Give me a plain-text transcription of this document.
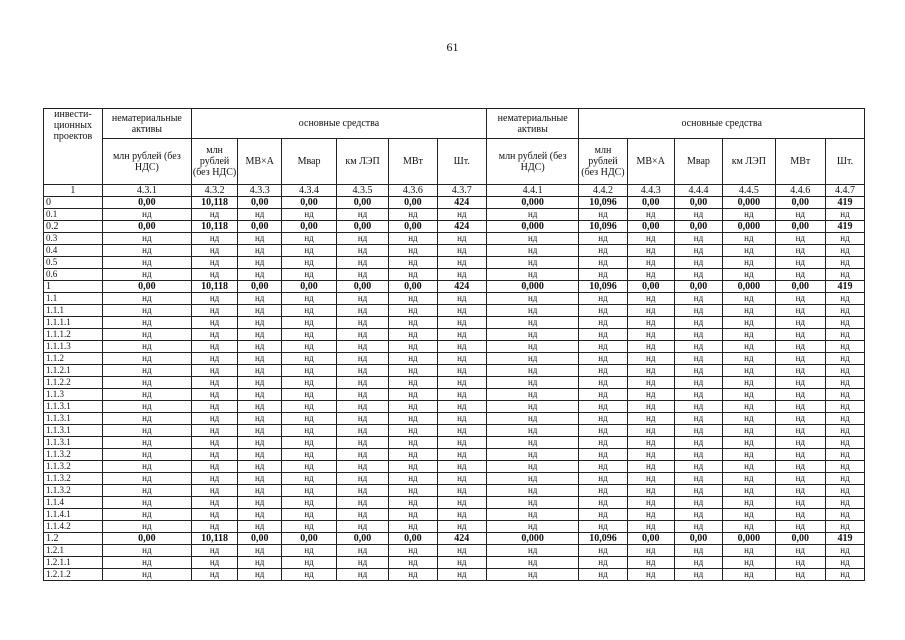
61
инвести-ционных проектов	нематериальные активы	основные средства						нематериальные активы	основные средства					
	млн рублей (без НДС)	млн рублей (без НДС)	МВ×А	Мвар	км ЛЭП	МВт	Шт.	млн рублей (без НДС)	млн рублей (без НДС)	МВ×А	Мвар	км ЛЭП	МВт	Шт.
1	4.3.1	4.3.2	4.3.3	4.3.4	4.3.5	4.3.6	4.3.7	4.4.1	4.4.2	4.4.3	4.4.4	4.4.5	4.4.6	4.4.7
0	0,00	10,118	0,00	0,00	0,00	0,00	424	0,000	10,096	0,00	0,00	0,000	0,00	419
0.1	нд	нд	нд	нд	нд	нд	нд	нд	нд	нд	нд	нд	нд	нд
0.2	0,00	10,118	0,00	0,00	0,00	0,00	424	0,000	10,096	0,00	0,00	0,000	0,00	419
0.3	нд	нд	нд	нд	нд	нд	нд	нд	нд	нд	нд	нд	нд	нд
0.4	нд	нд	нд	нд	нд	нд	нд	нд	нд	нд	нд	нд	нд	нд
0.5	нд	нд	нд	нд	нд	нд	нд	нд	нд	нд	нд	нд	нд	нд
0.6	нд	нд	нд	нд	нд	нд	нд	нд	нд	нд	нд	нд	нд	нд
1	0,00	10,118	0,00	0,00	0,00	0,00	424	0,000	10,096	0,00	0,00	0,000	0,00	419
1.1	нд	нд	нд	нд	нд	нд	нд	нд	нд	нд	нд	нд	нд	нд
1.1.1	нд	нд	нд	нд	нд	нд	нд	нд	нд	нд	нд	нд	нд	нд
1.1.1.1	нд	нд	нд	нд	нд	нд	нд	нд	нд	нд	нд	нд	нд	нд
1.1.1.2	нд	нд	нд	нд	нд	нд	нд	нд	нд	нд	нд	нд	нд	нд
1.1.1.3	нд	нд	нд	нд	нд	нд	нд	нд	нд	нд	нд	нд	нд	нд
1.1.2	нд	нд	нд	нд	нд	нд	нд	нд	нд	нд	нд	нд	нд	нд
1.1.2.1	нд	нд	нд	нд	нд	нд	нд	нд	нд	нд	нд	нд	нд	нд
1.1.2.2	нд	нд	нд	нд	нд	нд	нд	нд	нд	нд	нд	нд	нд	нд
1.1.3	нд	нд	нд	нд	нд	нд	нд	нд	нд	нд	нд	нд	нд	нд
1.1.3.1	нд	нд	нд	нд	нд	нд	нд	нд	нд	нд	нд	нд	нд	нд
1.1.3.1	нд	нд	нд	нд	нд	нд	нд	нд	нд	нд	нд	нд	нд	нд
1.1.3.1	нд	нд	нд	нд	нд	нд	нд	нд	нд	нд	нд	нд	нд	нд
1.1.3.1	нд	нд	нд	нд	нд	нд	нд	нд	нд	нд	нд	нд	нд	нд
1.1.3.2	нд	нд	нд	нд	нд	нд	нд	нд	нд	нд	нд	нд	нд	нд
1.1.3.2	нд	нд	нд	нд	нд	нд	нд	нд	нд	нд	нд	нд	нд	нд
1.1.3.2	нд	нд	нд	нд	нд	нд	нд	нд	нд	нд	нд	нд	нд	нд
1.1.3.2	нд	нд	нд	нд	нд	нд	нд	нд	нд	нд	нд	нд	нд	нд
1.1.4	нд	нд	нд	нд	нд	нд	нд	нд	нд	нд	нд	нд	нд	нд
1.1.4.1	нд	нд	нд	нд	нд	нд	нд	нд	нд	нд	нд	нд	нд	нд
1.1.4.2	нд	нд	нд	нд	нд	нд	нд	нд	нд	нд	нд	нд	нд	нд
1.2	0,00	10,118	0,00	0,00	0,00	0,00	424	0,000	10,096	0,00	0,00	0,000	0,00	419
1.2.1	нд	нд	нд	нд	нд	нд	нд	нд	нд	нд	нд	нд	нд	нд
1.2.1.1	нд	нд	нд	нд	нд	нд	нд	нд	нд	нд	нд	нд	нд	нд
1.2.1.2	нд	нд	нд	нд	нд	нд	нд	нд	нд	нд	нд	нд	нд	нд
